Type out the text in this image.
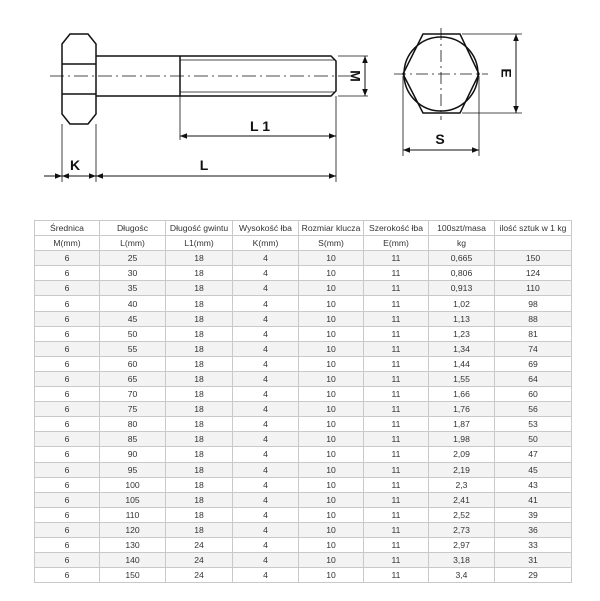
L 1
L
K
M	E
S
Średnica	Długośc	Długość gwintu	Wysokość łba	Rozmiar klucza	Szerokość łba	100szt/masa	ilość sztuk w 1 kg
M(mm)	L(mm)	L1(mm)	K(mm)	S(mm)	E(mm)	kg	
6	25	18	4	10	11	0,665	150
6	30	18	4	10	11	0,806	124
6	35	18	4	10	11	0,913	110
6	40	18	4	10	11	1,02	98
6	45	18	4	10	11	1,13	88
6	50	18	4	10	11	1,23	81
6	55	18	4	10	11	1,34	74
6	60	18	4	10	11	1,44	69
6	65	18	4	10	11	1,55	64
6	70	18	4	10	11	1,66	60
6	75	18	4	10	11	1,76	56
6	80	18	4	10	11	1,87	53
6	85	18	4	10	11	1,98	50
6	90	18	4	10	11	2,09	47
6	95	18	4	10	11	2,19	45
6	100	18	4	10	11	2,3	43
6	105	18	4	10	11	2,41	41
6	110	18	4	10	11	2,52	39
6	120	18	4	10	11	2,73	36
6	130	24	4	10	11	2,97	33
6	140	24	4	10	11	3,18	31
6	150	24	4	10	11	3,4	29
